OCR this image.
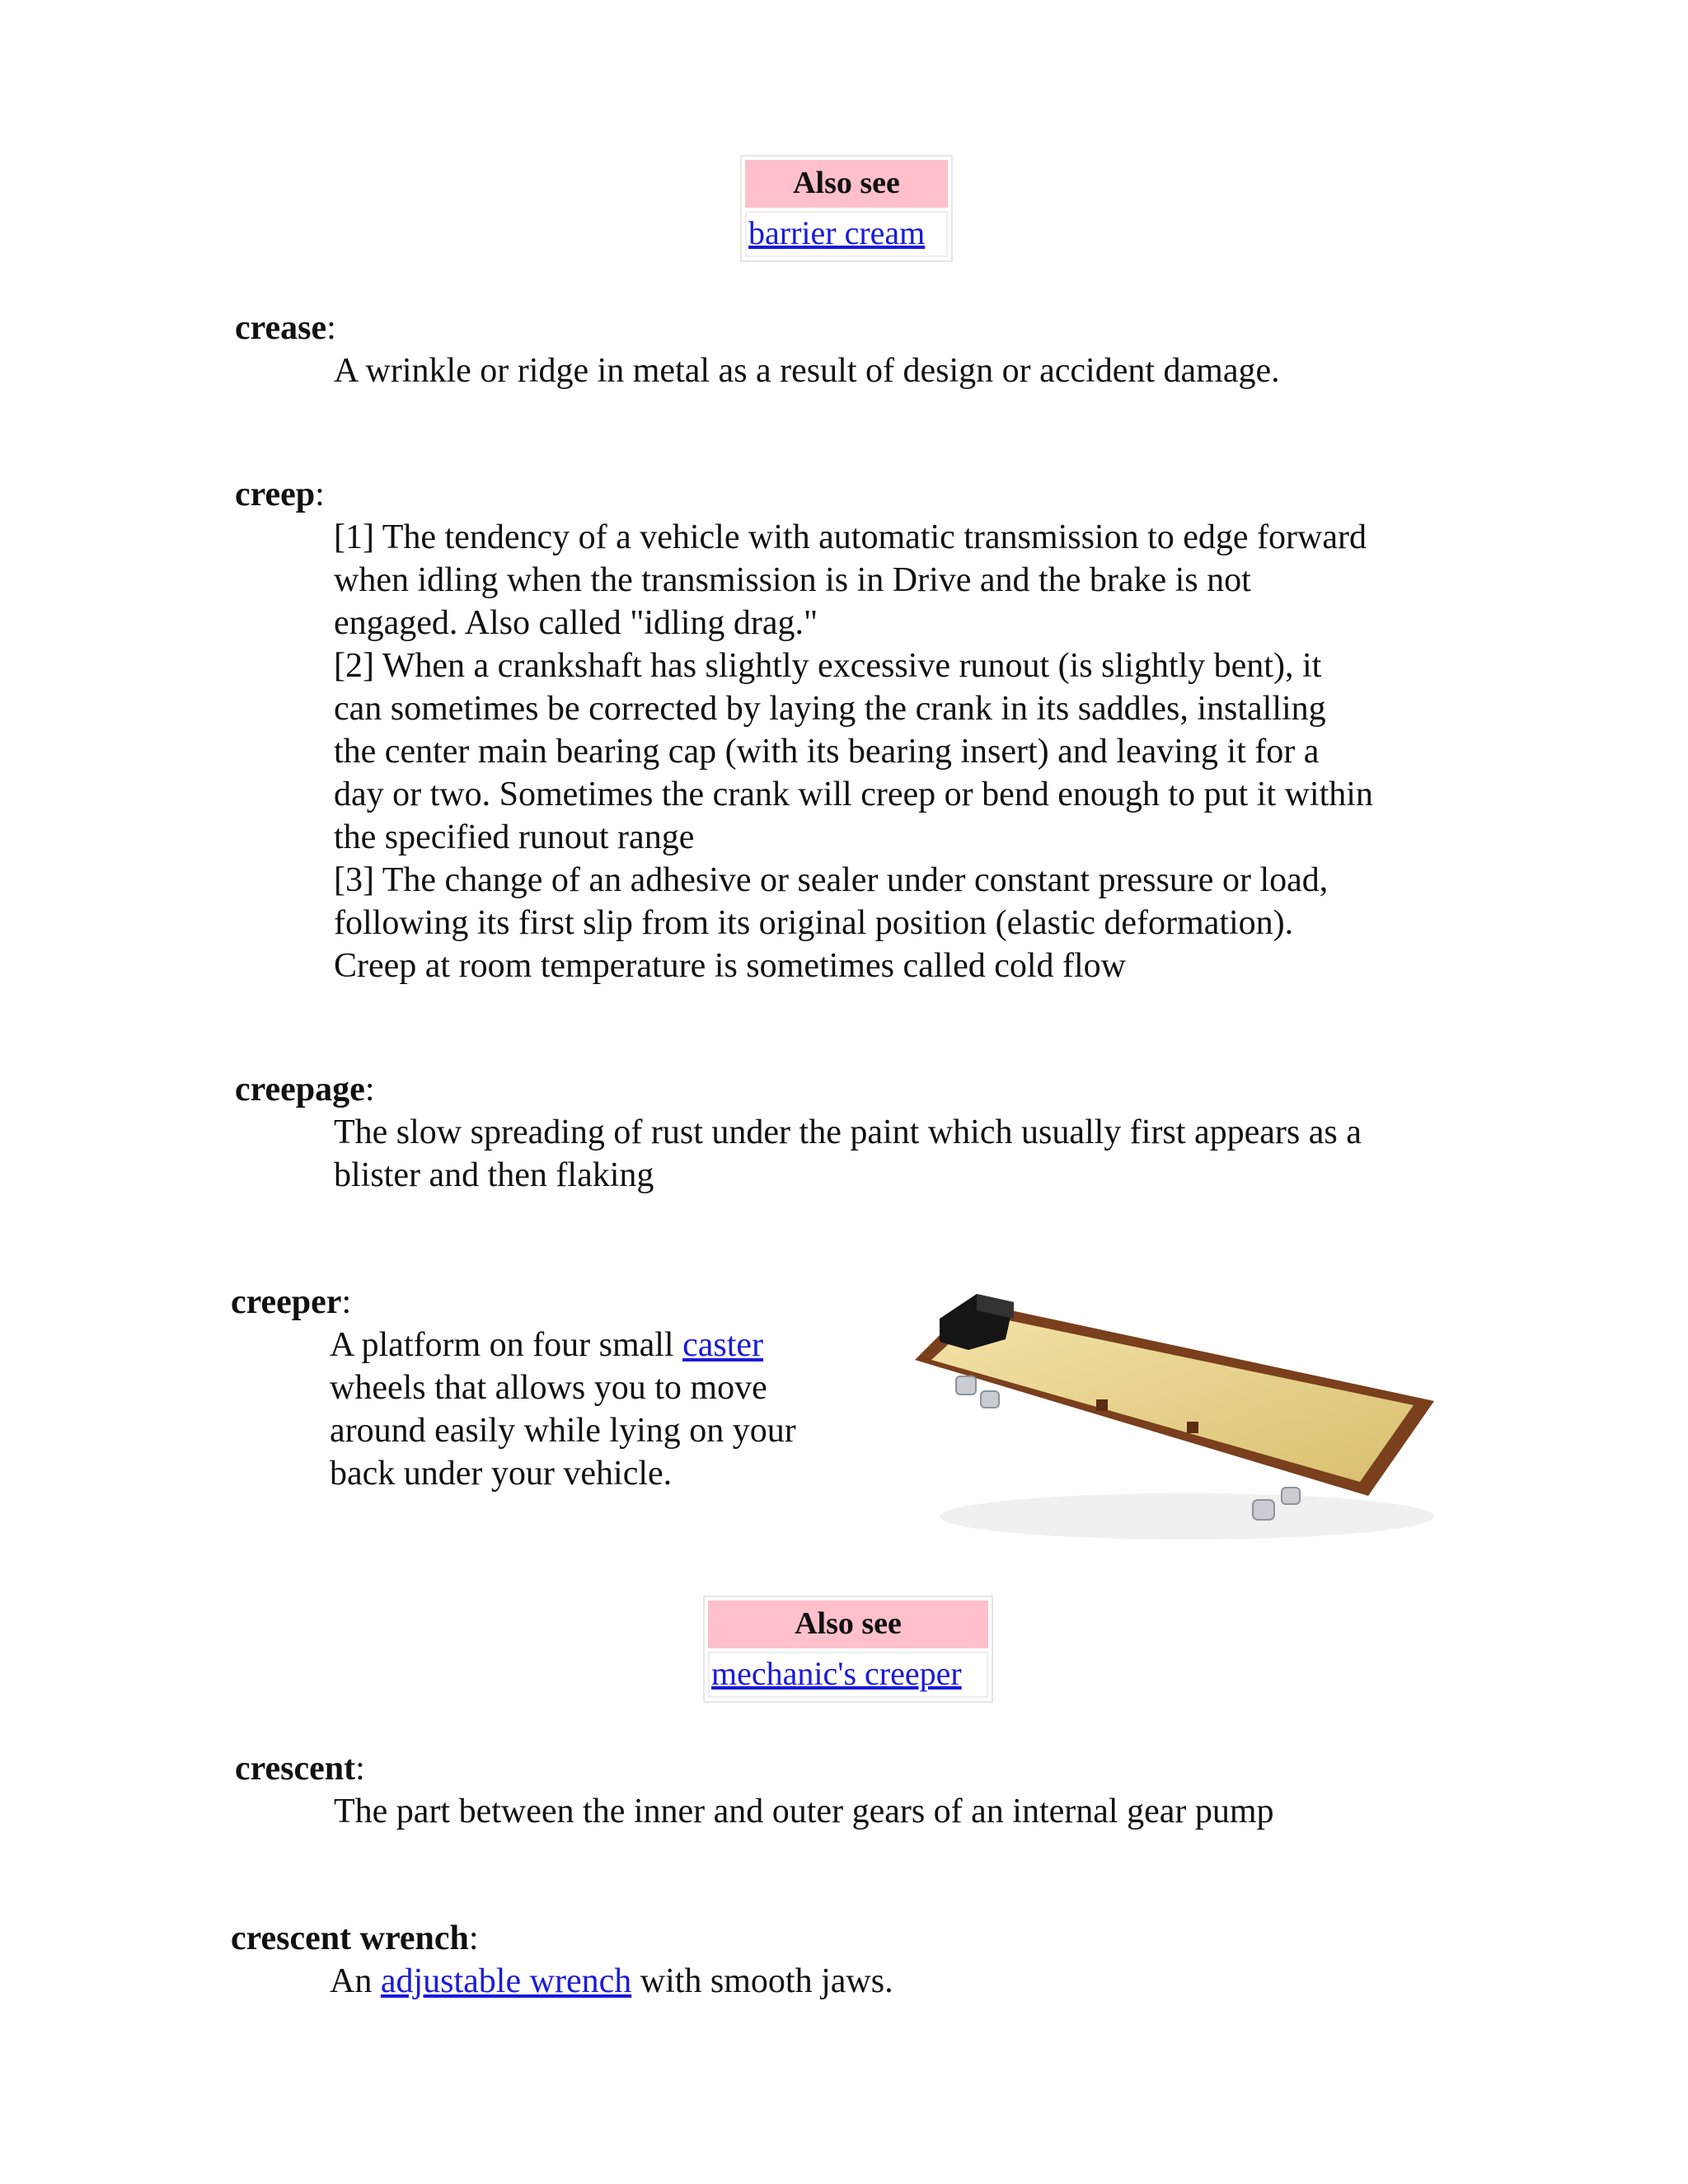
Also see
barrier cream
crease:

A wrinkle or ridge in metal as a result of design or accident damage.

creep:

[1] The tendency of a vehicle with automatic transmission to edge forward

when idling when the transmission is in Drive and the brake is not

engaged. Also called "idling drag."

[2] When a crankshaft has slightly excessive runout (is slightly bent), it

can sometimes be corrected by laying the crank in its saddles, installing

the center main bearing cap (with its bearing insert) and leaving it for a

day or two. Sometimes the crank will creep or bend enough to put it within

the specified runout range

[3] The change of an adhesive or sealer under constant pressure or load,

following its first slip from its original position (elastic deformation).

Creep at room temperature is sometimes called cold flow

creepage:

The slow spreading of rust under the paint which usually first appears as a

blister and then flaking

creeper:

A platform on four small caster

wheels that allows you to move

around easily while lying on your

back under your vehicle.

Also see
mechanic's creeper
crescent:

The part between the inner and outer gears of an internal gear pump

crescent wrench:

An adjustable wrench with smooth jaws.
